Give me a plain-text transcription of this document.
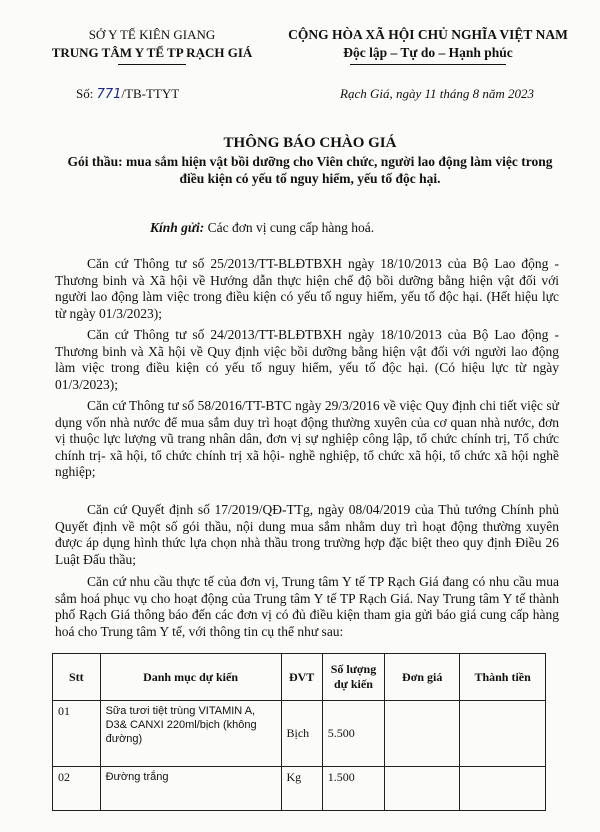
SỞ Y TẾ KIÊN GIANG
TRUNG TÂM Y TẾ TP RẠCH GIÁ
CỘNG HÒA XÃ HỘI CHỦ NGHĨA VIỆT NAM
Độc lập – Tự do – Hạnh phúc
Số: 771/TB-TTYT	Rạch Giá, ngày 11 tháng 8 năm 2023
THÔNG BÁO CHÀO GIÁ
Gói thầu: mua sắm hiện vật bồi dưỡng cho Viên chức, người lao động làm việc trong điều kiện có yếu tố nguy hiểm, yếu tố độc hại.
Kính gửi: Các đơn vị cung cấp hàng hoá.

Căn cứ Thông tư số 25/2013/TT-BLĐTBXH ngày 18/10/2013 của Bộ Lao động - Thương binh và Xã hội về Hướng dẫn thực hiện chế độ bồi dưỡng bằng hiện vật đối với người lao động làm việc trong điều kiện có yếu tố nguy hiểm, yếu tố độc hại. (Hết hiệu lực từ ngày 01/3/2023);

Căn cứ Thông tư số 24/2013/TT-BLĐTBXH ngày 18/10/2013 của Bộ Lao động - Thương binh và Xã hội về Quy định việc bồi dưỡng bằng hiện vật đối với người lao động làm việc trong điều kiện có yếu tố nguy hiểm, yếu tố độc hại. (Có hiệu lực từ ngày 01/3/2023);

Căn cứ Thông tư số 58/2016/TT-BTC ngày 29/3/2016 về việc Quy định chi tiết việc sử dụng vốn nhà nước để mua sắm duy trì hoạt động thường xuyên của cơ quan nhà nước, đơn vị thuộc lực lượng vũ trang nhân dân, đơn vị sự nghiệp công lập, tổ chức chính trị, Tổ chức chính trị- xã hội, tổ chức chính trị xã hội- nghề nghiệp, tổ chức xã hội, tổ chức xã hội nghề nghiệp;

Căn cứ Quyết định số 17/2019/QĐ-TTg, ngày 08/04/2019 của Thủ tướng Chính phủ Quyết định về một số gói thầu, nội dung mua sắm nhằm duy trì hoạt động thường xuyên được áp dụng hình thức lựa chọn nhà thầu trong trường hợp đặc biệt theo quy định Điều 26 Luật Đấu thầu;

Căn cứ nhu cầu thực tế của đơn vị, Trung tâm Y tế TP Rạch Giá đang có nhu cầu mua sắm hoá phục vụ cho hoạt động của Trung tâm Y tế TP Rạch Giá. Nay Trung tâm Y tế thành phố Rạch Giá thông báo đến các đơn vị có đủ điều kiện tham gia gửi báo giá cung cấp hàng hoá cho Trung tâm Y tế, với thông tin cụ thể như sau:

Stt	Danh mục dự kiến	ĐVT	Số lượng dự kiến	Đơn giá	Thành tiền
01	Sữa tươi tiệt trùng VITAMIN A, D3& CANXI 220ml/bịch (không đường)	Bịch	5.500		
02	Đường trắng	Kg	1.500		
